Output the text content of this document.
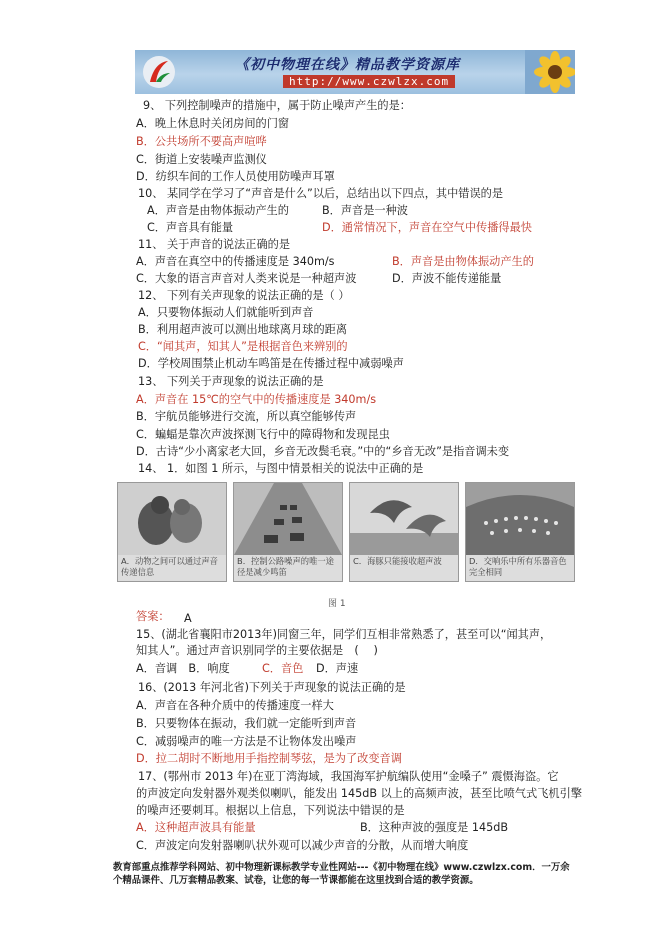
《初中物理在线》精品教学资源库
http://www.czwlzx.com
9、 下列控制噪声的措施中，属于防止噪声产生的是：
A．晚上休息时关闭房间的门窗
B．公共场所不要高声喧哗
C．街道上安装噪声监测仪
D．纺织车间的工作人员使用防噪声耳罩
10、 某同学在学习了“声音是什么”以后，总结出以下四点，其中错误的是
A．声音是由物体振动产生的	B．声音是一种波
C．声音具有能量	D．通常情况下，声音在空气中传播得最快
11、 关于声音的说法正确的是
A．声音在真空中的传播速度是 340m/s	B．声音是由物体振动产生的
C．大象的语言声音对人类来说是一种超声波	D．声波不能传递能量
12、 下列有关声现象的说法正确的是（ ）
A．只要物体振动人们就能听到声音
B．利用超声波可以测出地球离月球的距离
C．“闻其声，知其人”是根据音色来辨别的
D．学校周围禁止机动车鸣笛是在传播过程中减弱噪声
13、 下列关于声现象的说法正确的是
A．声音在 15℃的空气中的传播速度是 340m/s
B．宇航员能够进行交流，所以真空能够传声
C．蝙蝠是靠次声波探测飞行中的障碍物和发现昆虫
D．古诗“少小离家老大回，乡音无改鬓毛衰。”中的“乡音无改”是指音调未变
14、 1．如图 1 所示，与图中情景相关的说法中正确的是
A．动物之间可以通过声音传递信息
B．控制公路噪声的唯一途径是减少鸣笛
C．海豚只能接收超声波	D．交响乐中所有乐器音色完全相同
图 1
答案： A
15、(湖北省襄阳市2013年)同窗三年，同学们互相非常熟悉了，甚至可以“闻其声，
知其人”。通过声音识别同学的主要依据是　(　 )
A．音调　B．响度　 C．音色 D．声速
16、(2013 年河北省)下列关于声现象的说法正确的是
A．声音在各种介质中的传播速度一样大
B．只要物体在振动，我们就一定能听到声音
C．减弱噪声的唯一方法是不让物体发出噪声
D．拉二胡时不断地用手指控制琴弦，是为了改变音调
17、(鄂州市 2013 年)在亚丁湾海域，我国海军护航编队使用“金嗓子” 震慑海盗。它
的声波定向发射器外观类似喇叭，能发出 145dB 以上的高频声波，甚至比喷气式飞机引擎
的噪声还要刺耳。根据以上信息，下列说法中错误的是
A．这种超声波具有能量	B．这种声波的强度是 145dB
C．声波定向发射器喇叭状外观可以减少声音的分散，从而增大响度
教育部重点推荐学科网站、初中物理新课标教学专业性网站---《初中物理在线》www.czwlzx.com．一万余个精品课件、几万套精品教案、试卷，让您的每一节课都能在这里找到合适的教学资源。
